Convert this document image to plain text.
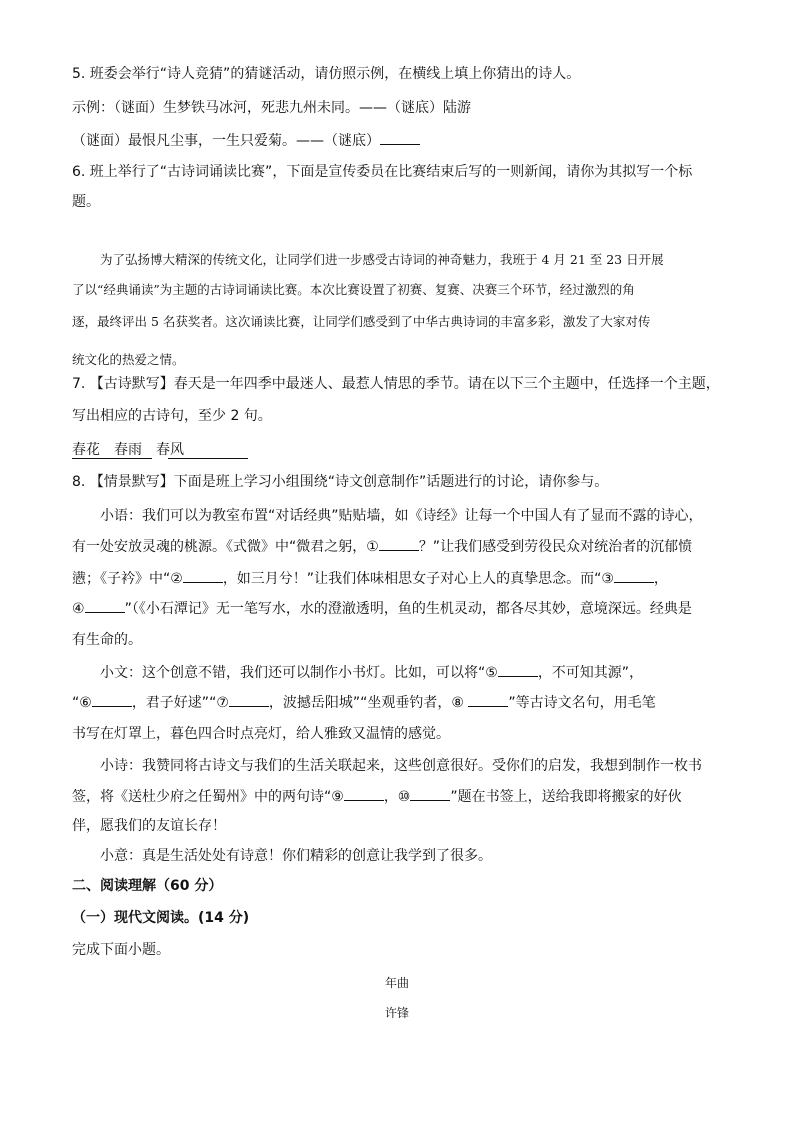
5. 班委会举行“诗人竞猜”的猜谜活动，请仿照示例，在横线上填上你猜出的诗人。
示例：（谜面）生梦铁马冰河，死悲九州未同。——（谜底）陆游
（谜面）最恨凡尘事，一生只爱菊。——（谜底）
6. 班上举行了“古诗词诵读比赛”，下面是宣传委员在比赛结束后写的一则新闻，请你为其拟写一个标
题。
为了弘扬博大精深的传统文化，让同学们进一步感受古诗词的神奇魅力，我班于 4 月 21 至 23 日开展
了以“经典诵读”为主题的古诗词诵读比赛。本次比赛设置了初赛、复赛、决赛三个环节，经过激烈的角
逐，最终评出 5 名获奖者。这次诵读比赛，让同学们感受到了中华古典诗词的丰富多彩，激发了大家对传
统文化的热爱之情。
7. 【古诗默写】春天是一年四季中最迷人、最惹人情思的季节。请在以下三个主题中，任选择一个主题，
写出相应的古诗句，至少 2 句。
春花　春雨　春风
8. 【情景默写】下面是班上学习小组围绕“诗文创意制作”话题进行的讨论，请你参与。
小语：我们可以为教室布置“对话经典”贴贴墙，如《诗经》让每一个中国人有了显而不露的诗心，
有一处安放灵魂的桃源。《式微》中“微君之躬，①	？”让我们感受到劳役民众对统治者的沉郁愤
懑；《子衿》中“②	，如三月兮！”让我们体味相思女子对心上人的真挚思念。而“③	，
④	”（《小石潭记》无一笔写水，水的澄澈透明，鱼的生机灵动，都各尽其妙，意境深远。经典是
有生命的。
小文：这个创意不错，我们还可以制作小书灯。比如，可以将“⑤	，不可知其源”，
“⑥	，君子好逑”“⑦	，波撼岳阳城”“坐观垂钓者，⑧	”等古诗文名句，用毛笔
书写在灯罩上，暮色四合时点亮灯，给人雅致又温情的感觉。
小诗：我赞同将古诗文与我们的生活关联起来，这些创意很好。受你们的启发，我想到制作一枚书
签，将《送杜少府之任蜀州》中的两句诗“⑨	，⑩	”题在书签上，送给我即将搬家的好伙
伴，愿我们的友谊长存！
小意：真是生活处处有诗意！你们精彩的创意让我学到了很多。
二、阅读理解（60 分）
（一）现代文阅读。(14 分)
完成下面小题。
年曲
许锋
